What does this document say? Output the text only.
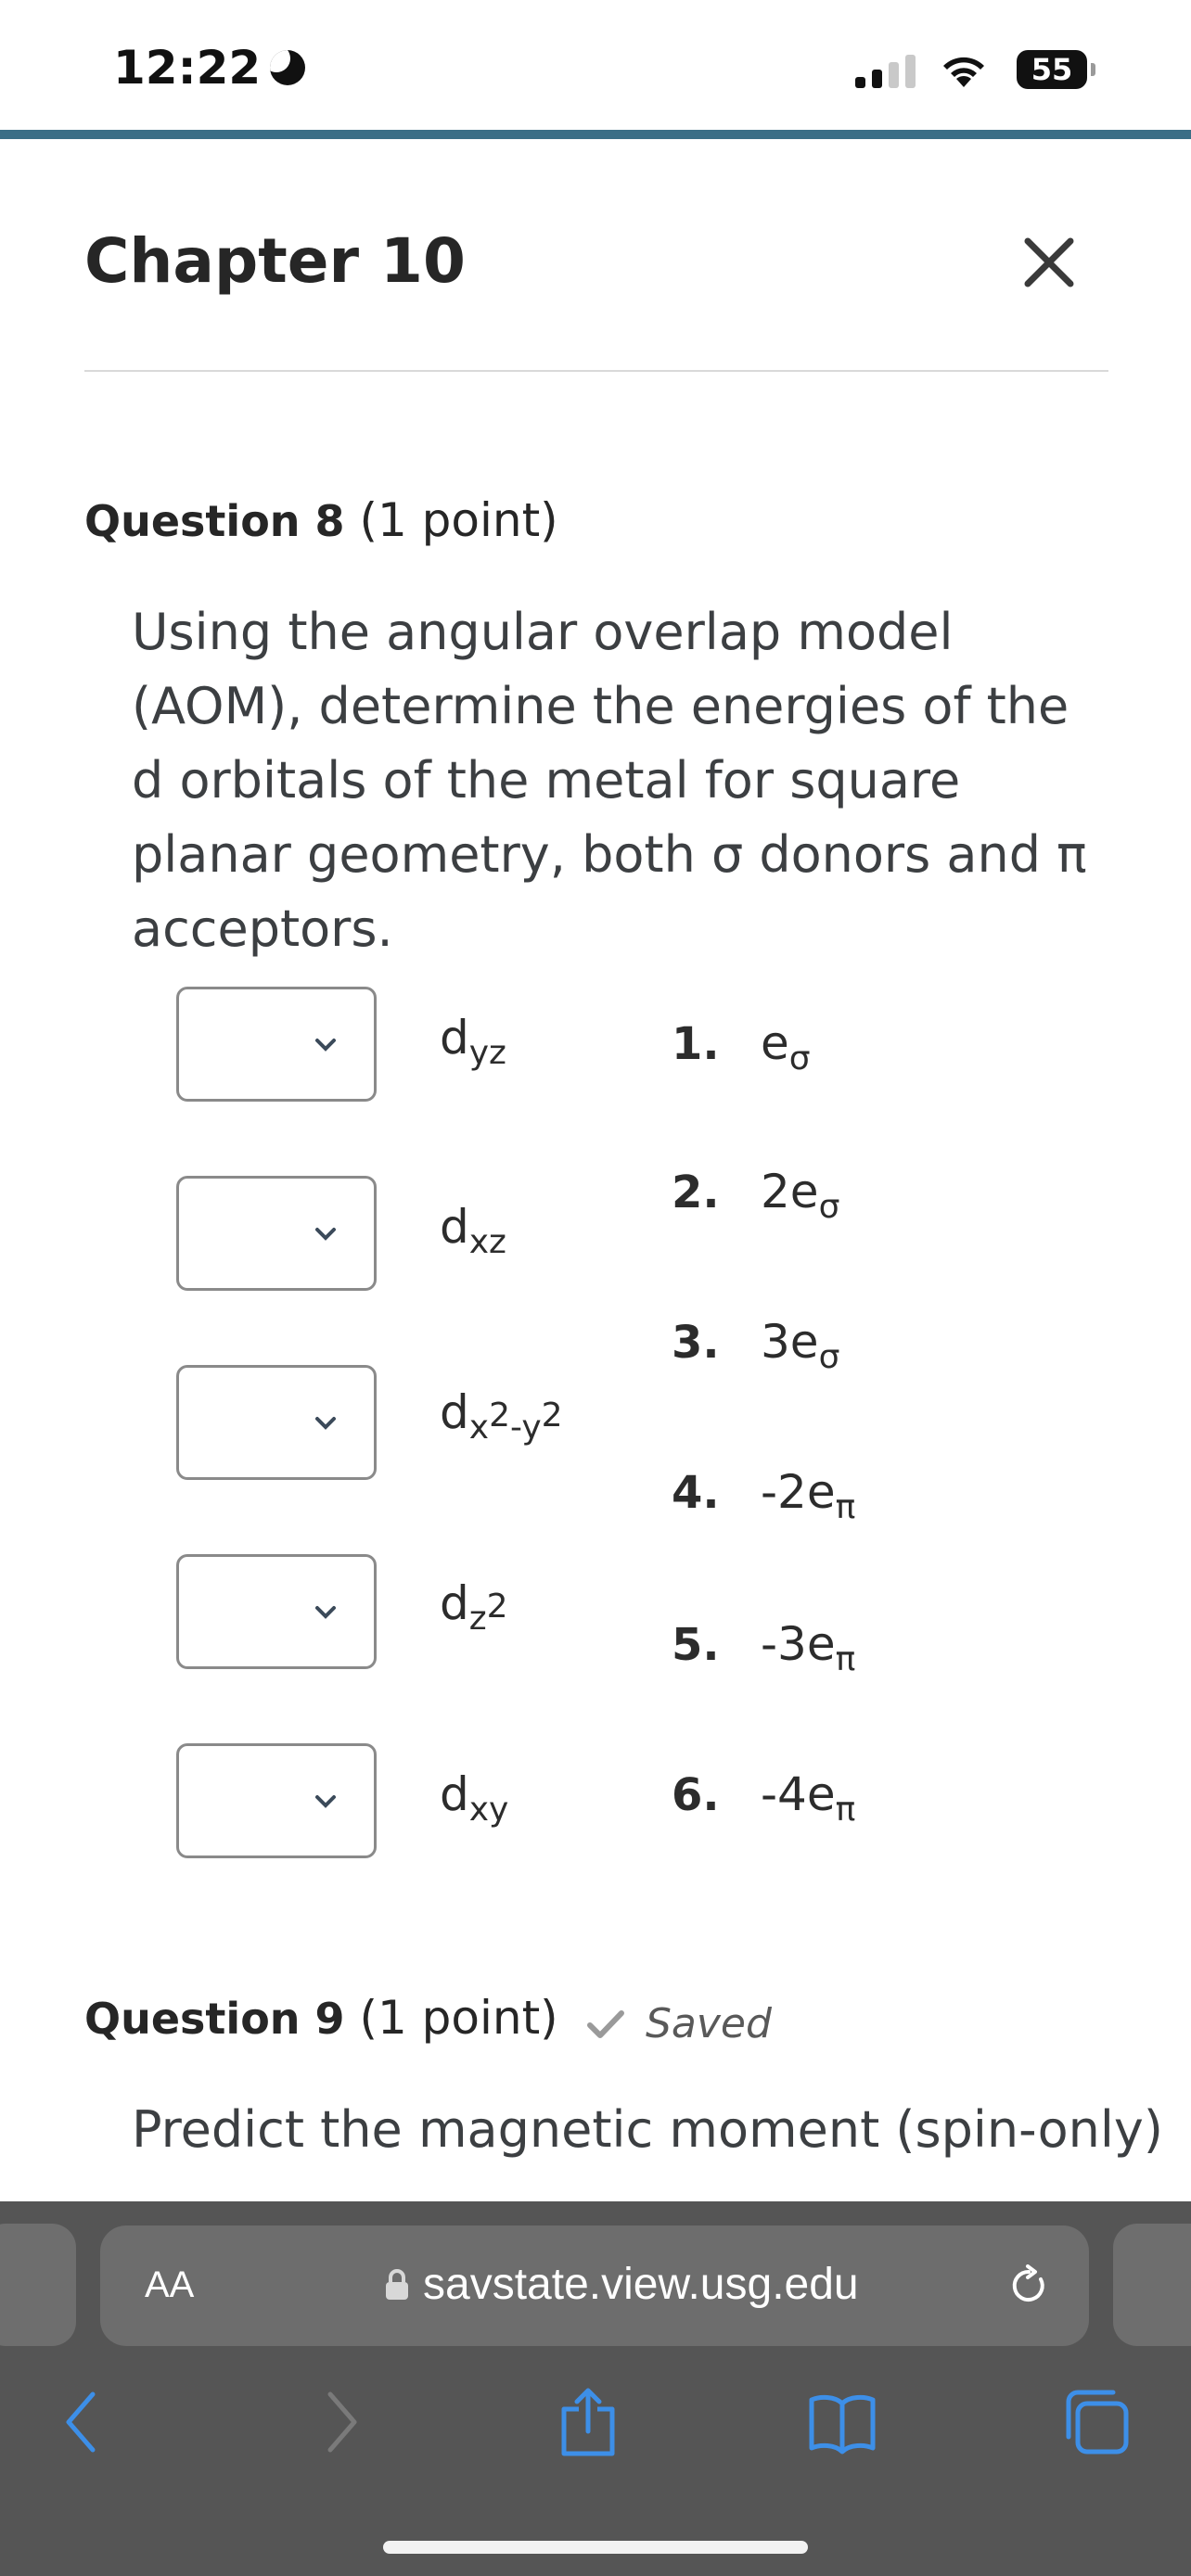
12:22	55
Chapter 10
Question 8 (1 point)
Using the angular overlap model (AOM), determine the energies of the d orbitals of the metal for square planar geometry, both σ donors and π acceptors.
$d_{yz}$
$d_{xz}$
$d_{x^2-y^2}$
$d_{z^2}$
$d_{xy}$
1. $e_\sigma$
2. $2e_\sigma$
3. $3e_\sigma$
4. $-2e_\pi$
5. $-3e_\pi$
6. $-4e_\pi$
Question 9 (1 point) Saved
Predict the magnetic moment (spin-only)
AA	savstate.view.usg.edu
